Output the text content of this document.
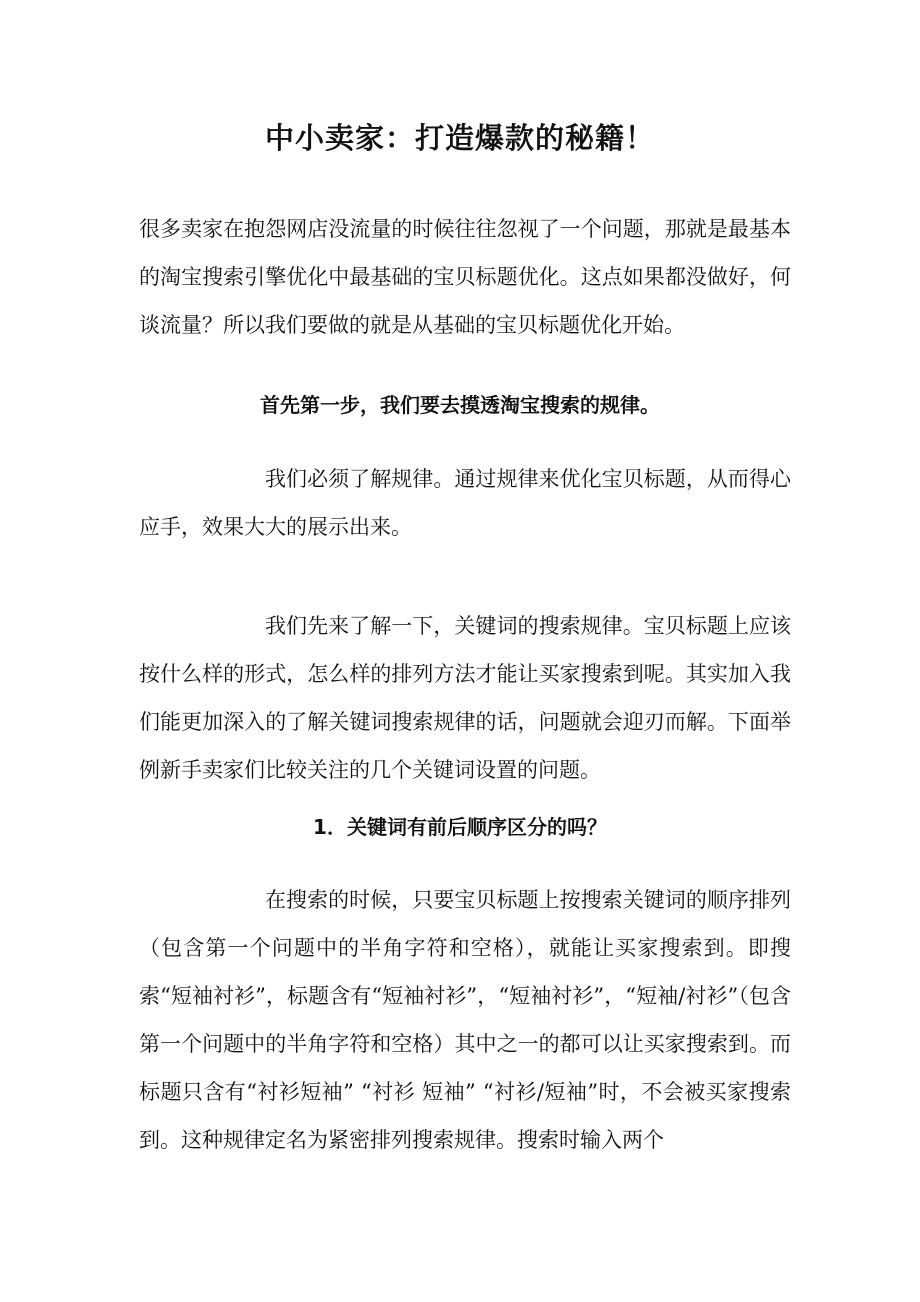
中小卖家：打造爆款的秘籍！

很多卖家在抱怨网店没流量的时候往往忽视了一个问题，那就是最基本的淘宝搜索引擎优化中最基础的宝贝标题优化。这点如果都没做好，何谈流量？所以我们要做的就是从基础的宝贝标题优化开始。

首先第一步，我们要去摸透淘宝搜索的规律。

我们必须了解规律。通过规律来优化宝贝标题，从而得心应手，效果大大的展示出来。

我们先来了解一下，关键词的搜索规律。宝贝标题上应该按什么样的形式，怎么样的排列方法才能让买家搜索到呢。其实加入我们能更加深入的了解关键词搜索规律的话，问题就会迎刃而解。下面举例新手卖家们比较关注的几个关键词设置的问题。

1．关键词有前后顺序区分的吗？

在搜索的时候，只要宝贝标题上按搜索关键词的顺序排列（包含第一个问题中的半角字符和空格），就能让买家搜索到。即搜索“短袖衬衫”，标题含有“短袖衬衫”，“短袖衬衫”，“短袖/衬衫”（包含第一个问题中的半角字符和空格）其中之一的都可以让买家搜索到。而标题只含有“衬衫短袖” “衬衫 短袖” “衬衫/短袖”时，不会被买家搜索到。这种规律定名为紧密排列搜索规律。搜索时输入两个
